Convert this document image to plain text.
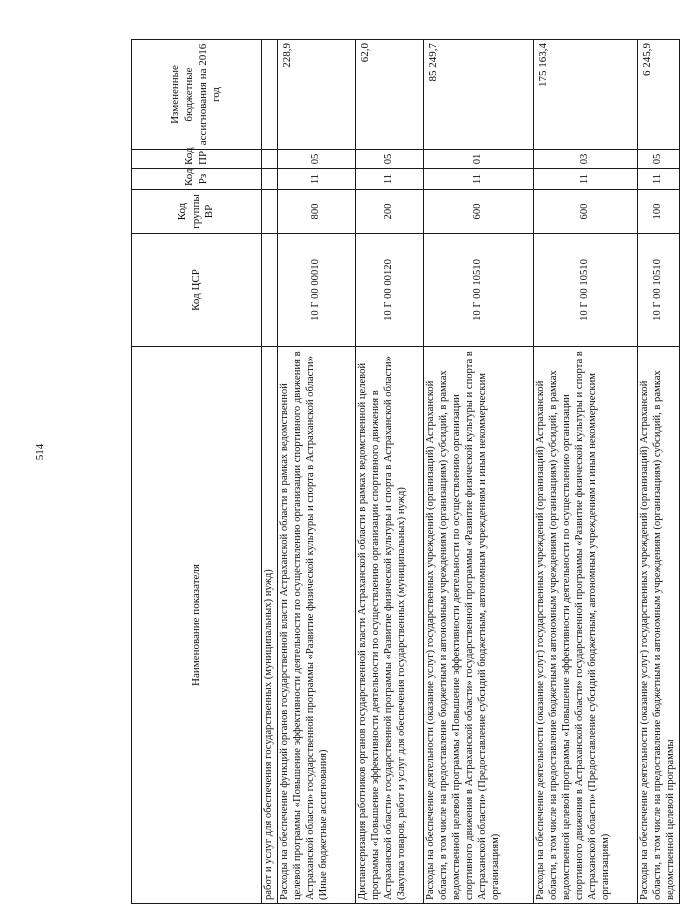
514
Наименование показателя	Код ЦСР	Код группы ВР	Код Рз	Код ПР	Измененные бюджетные ассигнования на 2016 год
работ и услуг для обеспечения государственных (муниципальных) нужд)					
Расходы на обеспечение функций органов государственной власти Астраханской области в рамках ведомственной целевой программы «Повышение эффективности деятельности по осуществлению организации спортивного движения в Астраханской области» государственной программы «Развитие физической культуры и спорта в Астраханской области» (Иные бюджетные ассигнования)	10 Г 00 00010	800	11	05	228,9
Диспансеризация работников органов государственной власти Астраханской области в рамках ведомственной целевой программы «Повышение эффективности деятельности по осуществлению организации спортивного движения в Астраханской области» государственной программы «Развитие физической культуры и спорта в Астраханской области» (Закупка товаров, работ и услуг для обеспечения государственных (муниципальных) нужд)	10 Г 00 00120	200	11	05	62,0
Расходы на обеспечение деятельности (оказание услуг) государственных учреждений (организаций) Астраханской области, в том числе на предоставление бюджетным и автономным учреждениям (организациям) субсидий, в рамках ведомственной целевой программы «Повышение эффективности деятельности по осуществлению организации спортивного движения в Астраханской области» государственной программы «Развитие физической культуры и спорта в Астраханской области» (Предоставление субсидий бюджетным, автономным учреждениям и иным некоммерческим организациям)	10 Г 00 10510	600	11	01	85 249,7
Расходы на обеспечение деятельности (оказание услуг) государственных учреждений (организаций) Астраханской области, в том числе на предоставление бюджетным и автономным учреждениям (организациям) субсидий, в рамках ведомственной целевой программы «Повышение эффективности деятельности по осуществлению организации спортивного движения в Астраханской области» государственной программы «Развитие физической культуры и спорта в Астраханской области» (Предоставление субсидий бюджетным, автономным учреждениям и иным некоммерческим организациям)	10 Г 00 10510	600	11	03	175 163,4
Расходы на обеспечение деятельности (оказание услуг) государственных учреждений (организаций) Астраханской области, в том числе на предоставление бюджетным и автономным учреждениям (организациям) субсидий, в рамках ведомственной целевой программы	10 Г 00 10510	100	11	05	6 245,9
